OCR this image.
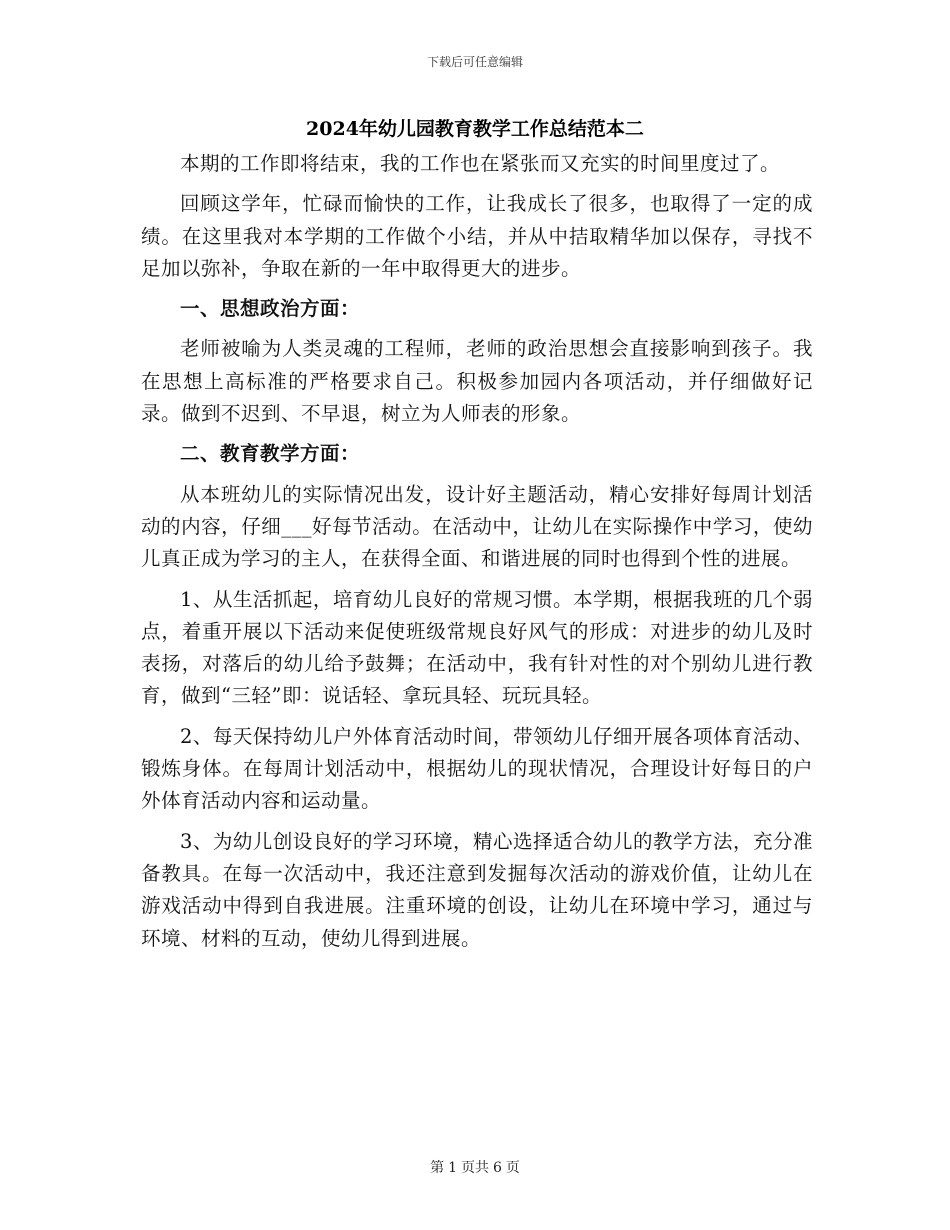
下载后可任意编辑
2024年幼儿园教育教学工作总结范本二

本期的工作即将结束，我的工作也在紧张而又充实的时间里度过了。

回顾这学年，忙碌而愉快的工作，让我成长了很多，也取得了一定的成绩。在这里我对本学期的工作做个小结，并从中拮取精华加以保存，寻找不足加以弥补，争取在新的一年中取得更大的进步。

一、思想政治方面：

老师被喻为人类灵魂的工程师，老师的政治思想会直接影响到孩子。我在思想上高标准的严格要求自己。积极参加园内各项活动，并仔细做好记录。做到不迟到、不早退，树立为人师表的形象。

二、教育教学方面：

从本班幼儿的实际情况出发，设计好主题活动，精心安排好每周计划活动的内容，仔细___好每节活动。在活动中，让幼儿在实际操作中学习，使幼儿真正成为学习的主人，在获得全面、和谐进展的同时也得到个性的进展。

1、从生活抓起，培育幼儿良好的常规习惯。本学期，根据我班的几个弱点，着重开展以下活动来促使班级常规良好风气的形成：对进步的幼儿及时表扬，对落后的幼儿给予鼓舞；在活动中，我有针对性的对个别幼儿进行教育，做到“三轻”即：说话轻、拿玩具轻、玩玩具轻。

2、每天保持幼儿户外体育活动时间，带领幼儿仔细开展各项体育活动、锻炼身体。在每周计划活动中，根据幼儿的现状情况，合理设计好每日的户外体育活动内容和运动量。

3、为幼儿创设良好的学习环境，精心选择适合幼儿的教学方法，充分准备教具。在每一次活动中，我还注意到发掘每次活动的游戏价值，让幼儿在游戏活动中得到自我进展。注重环境的创设，让幼儿在环境中学习，通过与环境、材料的互动，使幼儿得到进展。

第 1 页共 6 页
